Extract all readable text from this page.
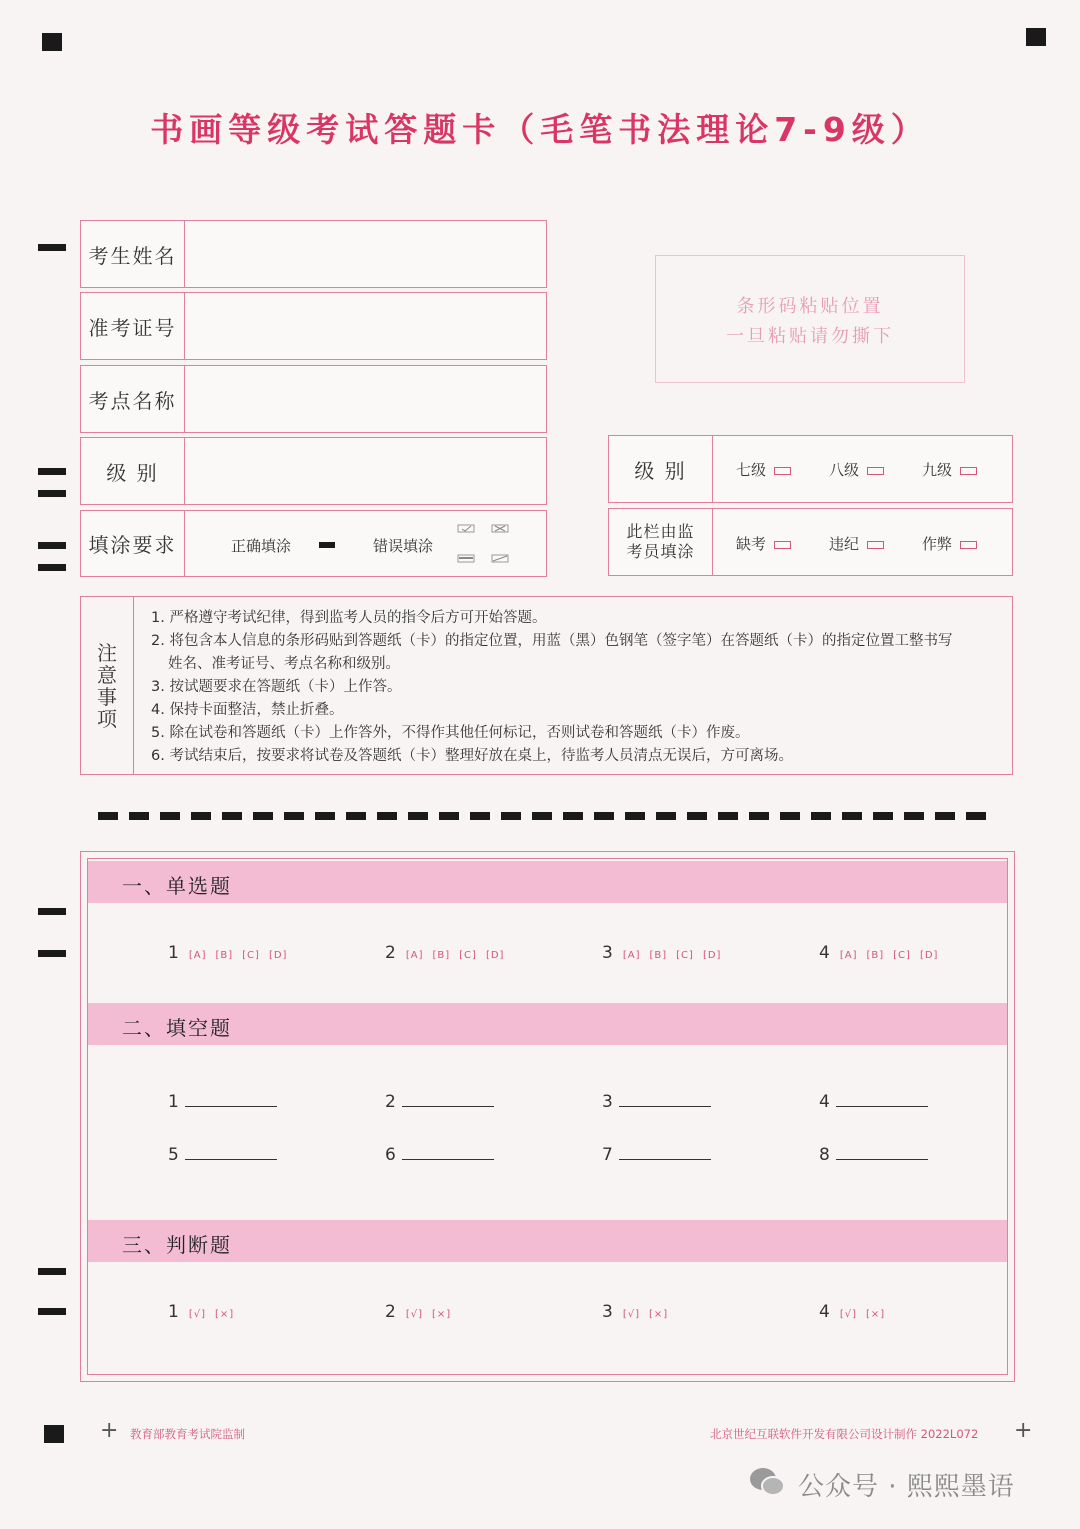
书画等级考试答题卡（毛笔书法理论7-9级）
考生姓名
准考证号
考点名称
级 别
填涂要求	正确填涂	错误填涂
条形码粘贴位置
一旦粘贴请勿撕下
级 别	七级	八级	九级
此栏由监
考员填涂	缺考	违纪	作弊
注
意
事
项
1. 严格遵守考试纪律，得到监考人员的指令后方可开始答题。
2. 将包含本人信息的条形码贴到答题纸（卡）的指定位置，用蓝（黑）色钢笔（签字笔）在答题纸（卡）的指定位置工整书写
姓名、准考证号、考点名称和级别。
3. 按试题要求在答题纸（卡）上作答。
4. 保持卡面整洁，禁止折叠。
5. 除在试卷和答题纸（卡）上作答外，不得作其他任何标记，否则试卷和答题纸（卡）作废。
6. 考试结束后，按要求将试卷及答题纸（卡）整理好放在桌上，待监考人员清点无误后，方可离场。
一、单选题
1 [A] [B] [C] [D]	2 [A] [B] [C] [D]	3 [A] [B] [C] [D]	4 [A] [B] [C] [D]
二、填空题
1	2	3	4
5	6	7	8
三、判断题
1 [√] [×]	2 [√] [×]	3 [√] [×]	4 [√] [×]
+ 教育部教育考试院监制	北京世纪互联软件开发有限公司设计制作 2022L072 +
公众号 · 熙熙墨语
